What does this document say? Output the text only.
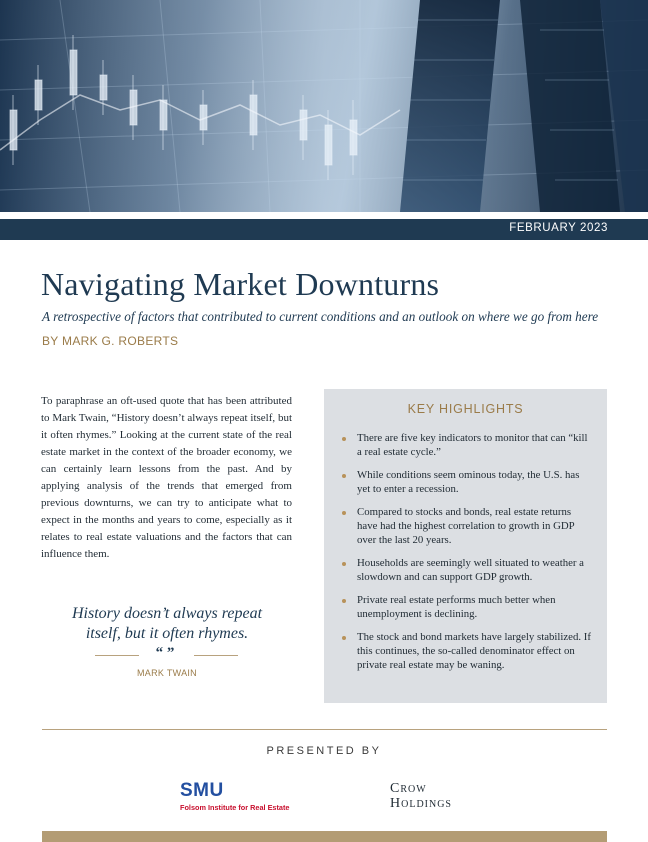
FEBRUARY 2023
Navigating Market Downturns
A retrospective of factors that contributed to current conditions and an outlook on where we go from here
BY MARK G. ROBERTS

To paraphrase an oft-used quote that has been attributed to Mark Twain, “History doesn’t always repeat itself, but it often rhymes.” Looking at the current state of the real estate market in the context of the broader economy, we can certainly learn lessons from the past. And by applying analysis of the trends that emerged from previous downturns, we can try to anticipate what to expect in the months and years to come, especially as it relates to real estate valuations and the factors that can influence them.

History doesn’t always repeat itself, but it often rhymes.
“ ”
MARK TWAIN
KEY HIGHLIGHTS
There are five key indicators to monitor that can “kill a real estate cycle.”
While conditions seem ominous today, the U.S. has yet to enter a recession.
Compared to stocks and bonds, real estate returns have had the highest correlation to growth in GDP over the last 20 years.
Households are seemingly well situated to weather a slowdown and can support GDP growth.
Private real estate performs much better when unemployment is declining.
The stock and bond markets have largely stabilized. If this continues, the so-called denominator effect on private real estate may be waning.
PRESENTED BY
SMU
Folsom Institute for Real Estate
Crow
Holdings
